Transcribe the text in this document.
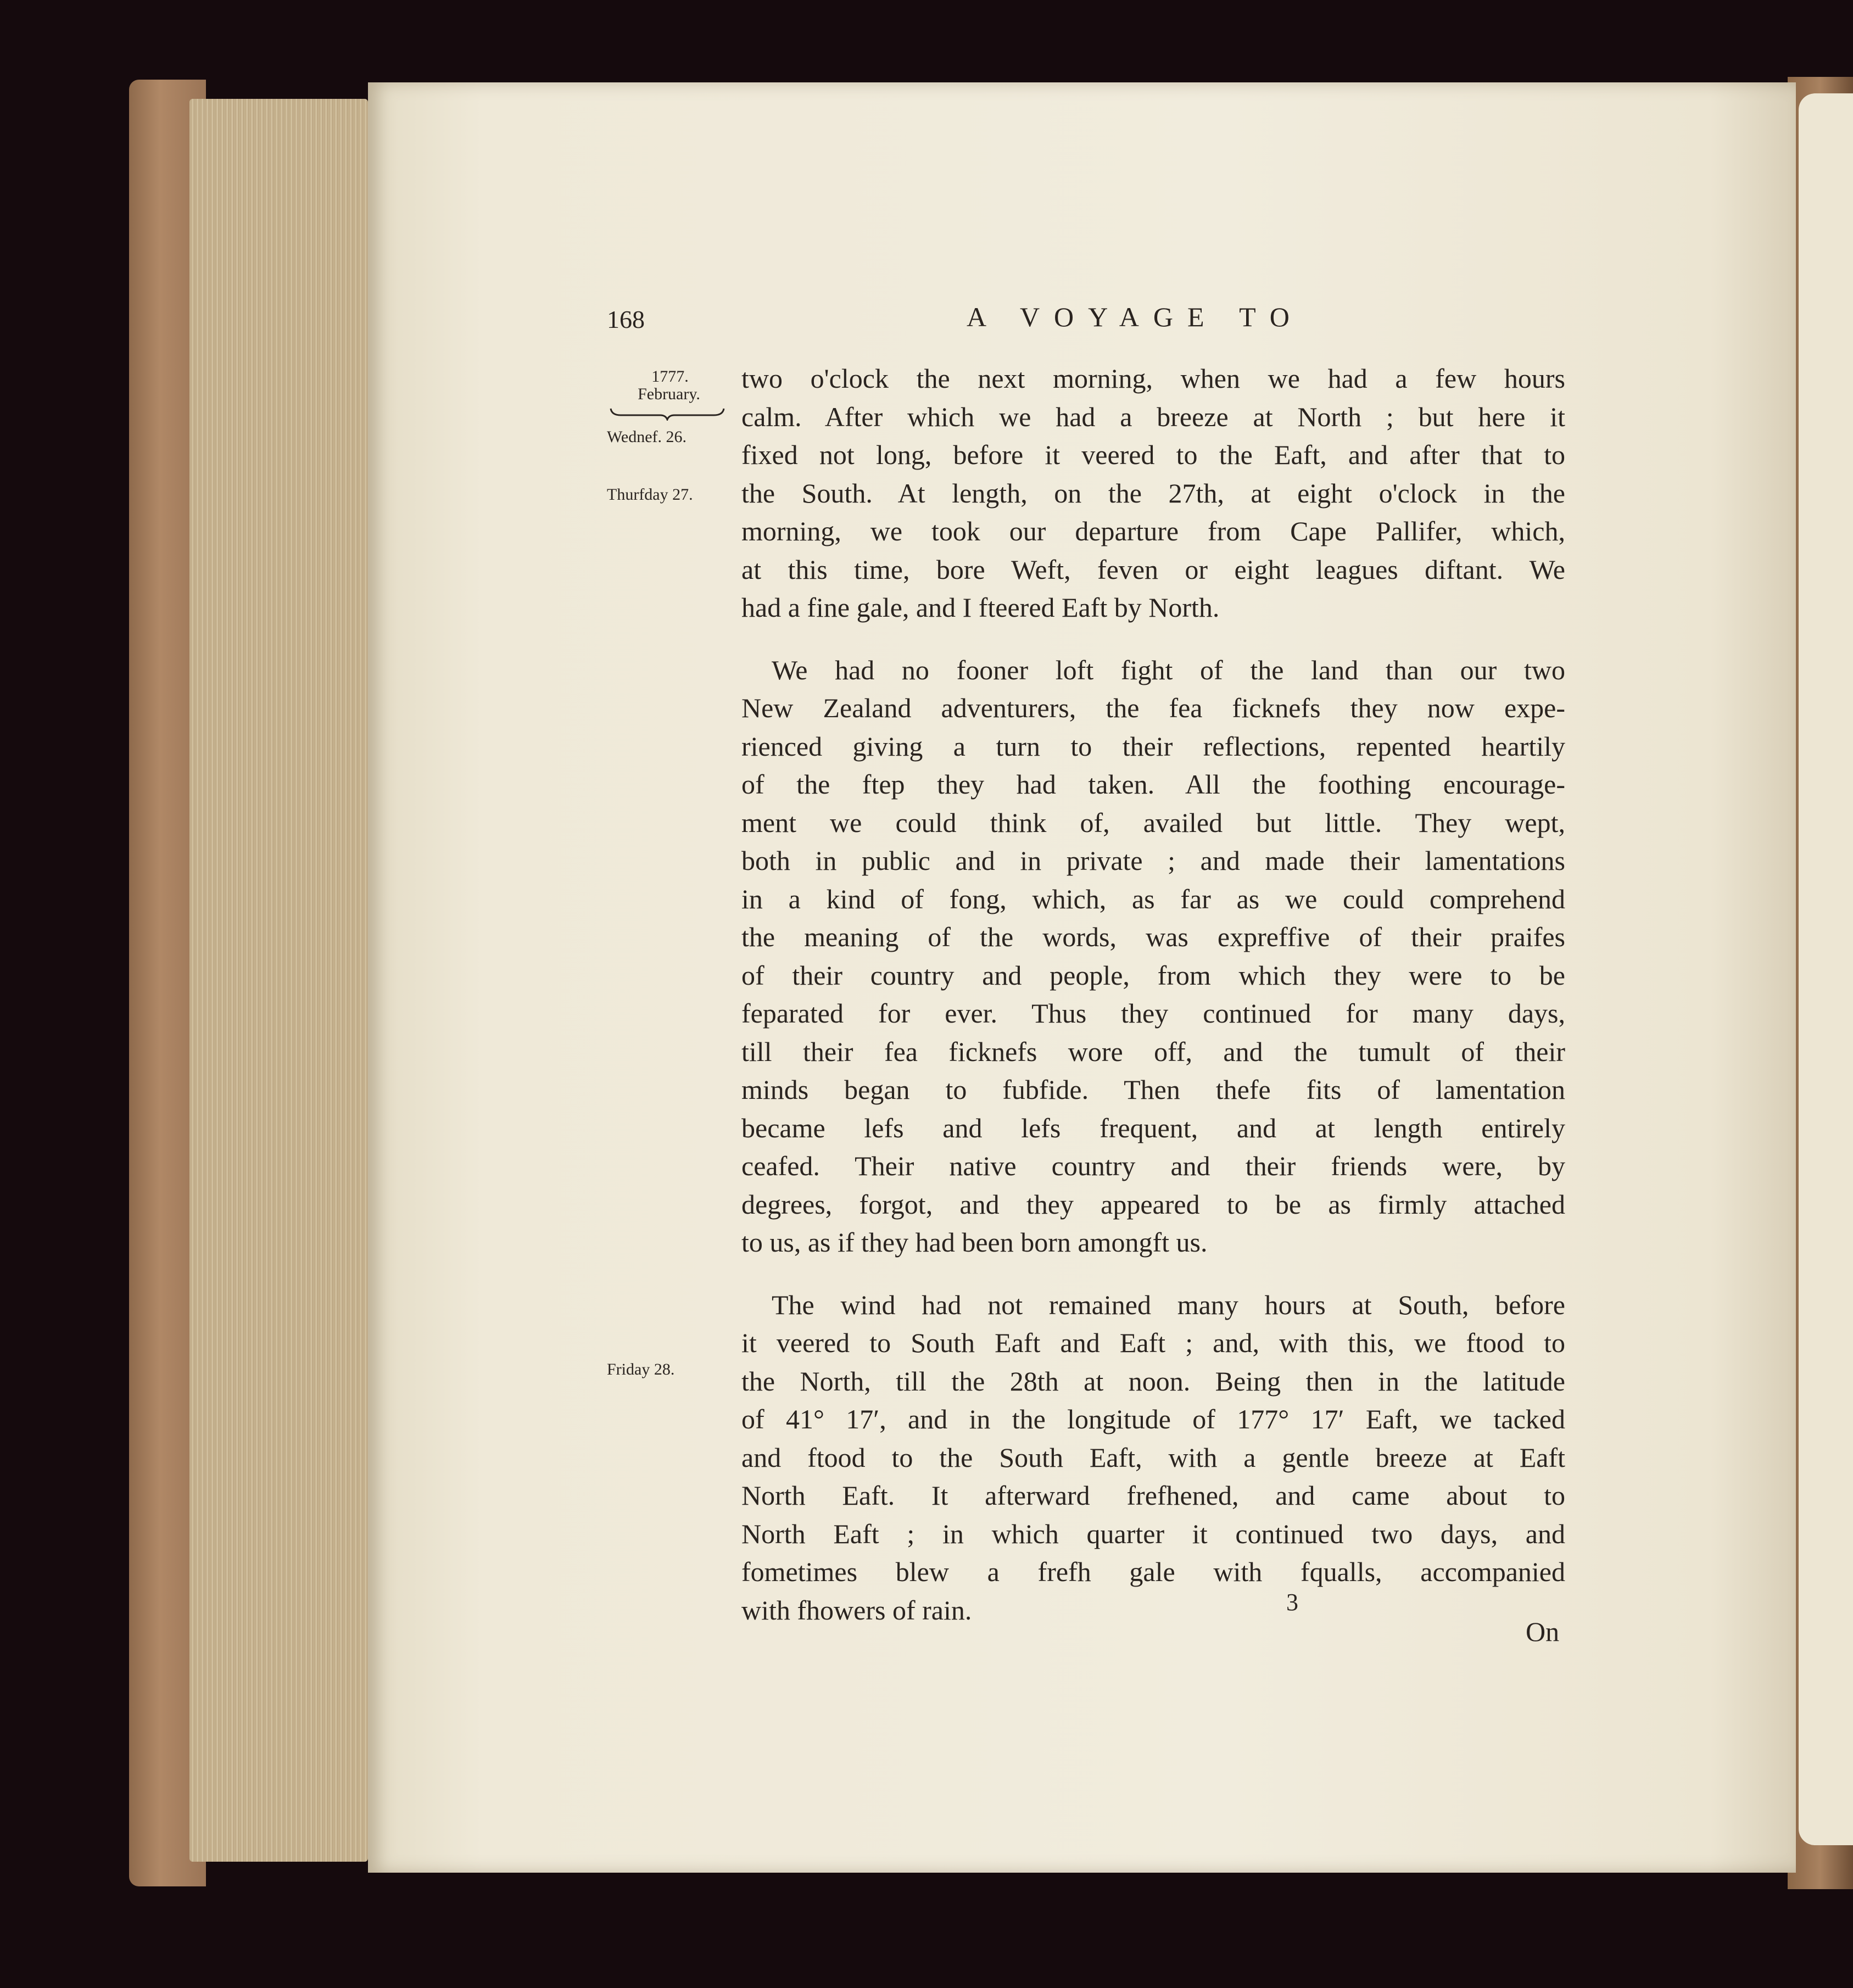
168	A VOYAGE TO
1777.
February.
Wednef. 26.
Thurfday 27.
Friday 28.
two o'clock the next morning, when we had a few hours
calm. After which we had a breeze at North ; but here it
fixed not long, before it veered to the Eaft, and after that to
the South. At length, on the 27th, at eight o'clock in the
morning, we took our departure from Cape Pallifer, which,
at this time, bore Weft, feven or eight leagues diftant. We
had a fine gale, and I fteered Eaft by North.
We had no fooner loft fight of the land than our two
New Zealand adventurers, the fea ficknefs they now expe-
rienced giving a turn to their reflections, repented heartily
of the ftep they had taken. All the foothing encourage-
ment we could think of, availed but little. They wept,
both in public and in private ; and made their lamentations
in a kind of fong, which, as far as we could comprehend
the meaning of the words, was expreffive of their praifes
of their country and people, from which they were to be
feparated for ever. Thus they continued for many days,
till their fea ficknefs wore off, and the tumult of their
minds began to fubfide. Then thefe fits of lamentation
became lefs and lefs frequent, and at length entirely
ceafed. Their native country and their friends were, by
degrees, forgot, and they appeared to be as firmly attached
to us, as if they had been born amongft us.
The wind had not remained many hours at South, before
it veered to South Eaft and Eaft ; and, with this, we ftood to
the North, till the 28th at noon. Being then in the latitude
of 41° 17′, and in the longitude of 177° 17′ Eaft, we tacked
and ftood to the South Eaft, with a gentle breeze at Eaft
North Eaft. It afterward frefhened, and came about to
North Eaft ; in which quarter it continued two days, and
fometimes blew a frefh gale with fqualls, accompanied
with fhowers of rain.	3
On
